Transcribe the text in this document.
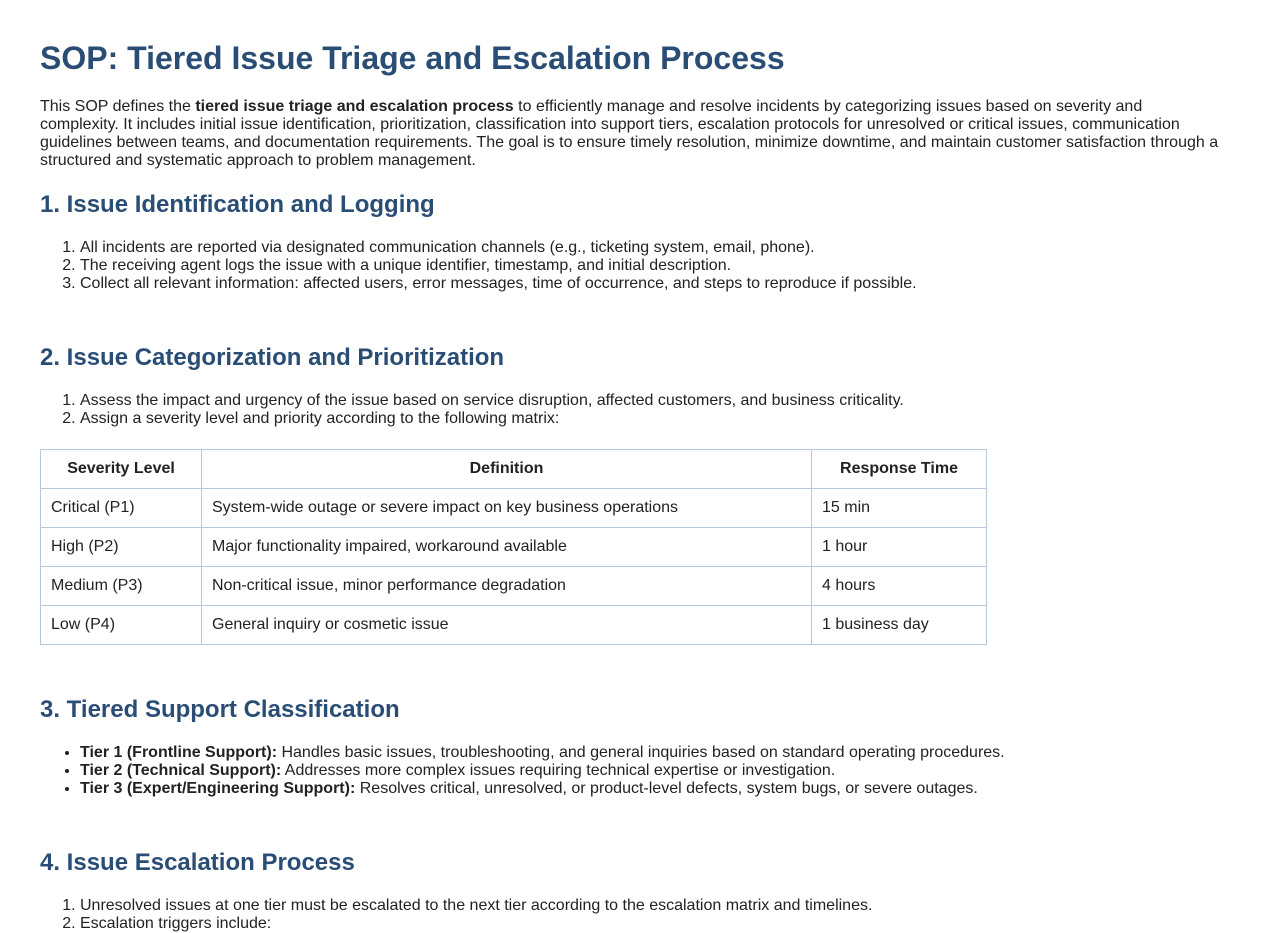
SOP: Tiered Issue Triage and Escalation Process

This SOP defines the tiered issue triage and escalation process to efficiently manage and resolve incidents by categorizing issues based on severity and complexity. It includes initial issue identification, prioritization, classification into support tiers, escalation protocols for unresolved or critical issues, communication guidelines between teams, and documentation requirements. The goal is to ensure timely resolution, minimize downtime, and maintain customer satisfaction through a structured and systematic approach to problem management.

1. Issue Identification and Logging
1. All incidents are reported via designated communication channels (e.g., ticketing system, email, phone).
2. The receiving agent logs the issue with a unique identifier, timestamp, and initial description.
3. Collect all relevant information: affected users, error messages, time of occurrence, and steps to reproduce if possible.
2. Issue Categorization and Prioritization
1. Assess the impact and urgency of the issue based on service disruption, affected customers, and business criticality.
2. Assign a severity level and priority according to the following matrix:
Severity Level	Definition	Response Time
Critical (P1)	System-wide outage or severe impact on key business operations	15 min
High (P2)	Major functionality impaired, workaround available	1 hour
Medium (P3)	Non-critical issue, minor performance degradation	4 hours
Low (P4)	General inquiry or cosmetic issue	1 business day
3. Tiered Support Classification
• Tier 1 (Frontline Support): Handles basic issues, troubleshooting, and general inquiries based on standard operating procedures.
• Tier 2 (Technical Support): Addresses more complex issues requiring technical expertise or investigation.
• Tier 3 (Expert/Engineering Support): Resolves critical, unresolved, or product-level defects, system bugs, or severe outages.
4. Issue Escalation Process
1. Unresolved issues at one tier must be escalated to the next tier according to the escalation matrix and timelines.
2. Escalation triggers include:
